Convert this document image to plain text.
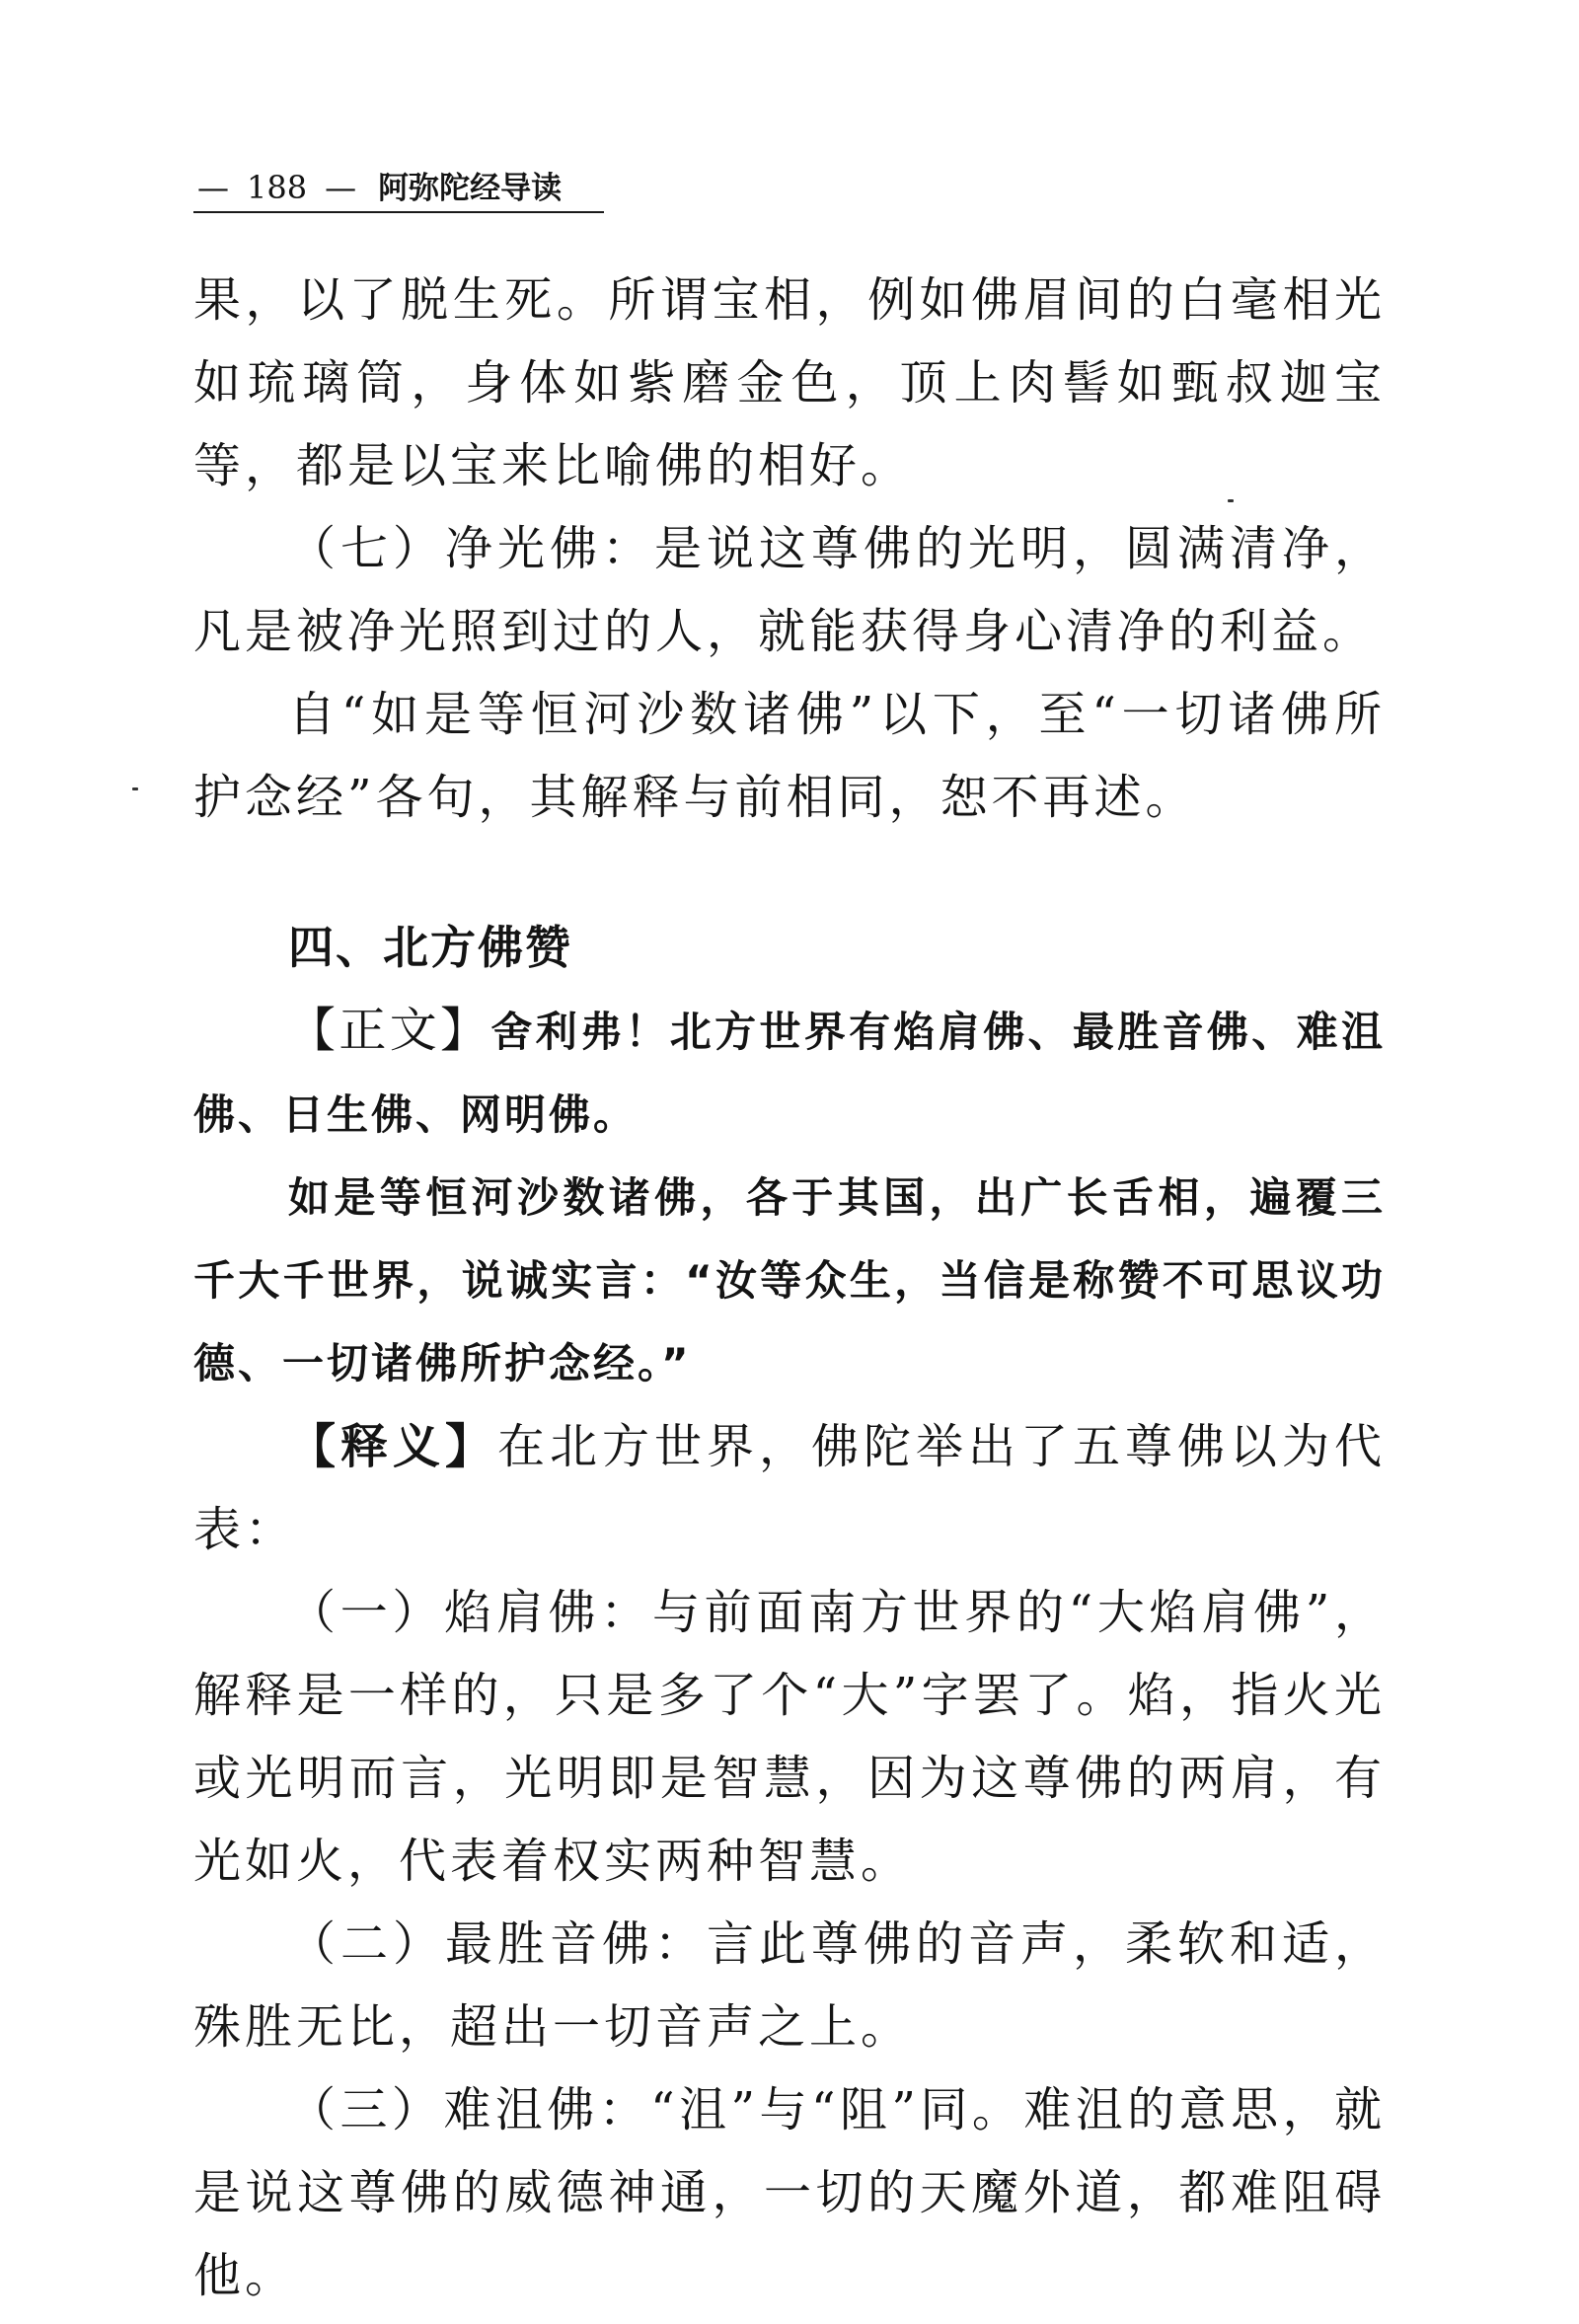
— 188 — 阿弥陀经导读

果，以了脱生死。所谓宝相，例如佛眉间的白毫相光如琉璃筒，身体如紫磨金色，顶上肉髻如甄叔迦宝等，都是以宝来比喻佛的相好。

（七）净光佛：是说这尊佛的光明，圆满清净，凡是被净光照到过的人，就能获得身心清净的利益。

自“如是等恒河沙数诸佛”以下，至“一切诸佛所护念经”各句，其解释与前相同，恕不再述。

四、北方佛赞

【正文】舍利弗！北方世界有焰肩佛、最胜音佛、难沮佛、日生佛、网明佛。

如是等恒河沙数诸佛，各于其国，出广长舌相，遍覆三千大千世界，说诚实言：“汝等众生，当信是称赞不可思议功德、一切诸佛所护念经。”

【释义】在北方世界，佛陀举出了五尊佛以为代表：

（一）焰肩佛：与前面南方世界的“大焰肩佛”，解释是一样的，只是多了个“大”字罢了。焰，指火光或光明而言，光明即是智慧，因为这尊佛的两肩，有光如火，代表着权实两种智慧。

（二）最胜音佛：言此尊佛的音声，柔软和适，殊胜无比，超出一切音声之上。

（三）难沮佛：“沮”与“阻”同。难沮的意思，就是说这尊佛的威德神通，一切的天魔外道，都难阻碍他。
